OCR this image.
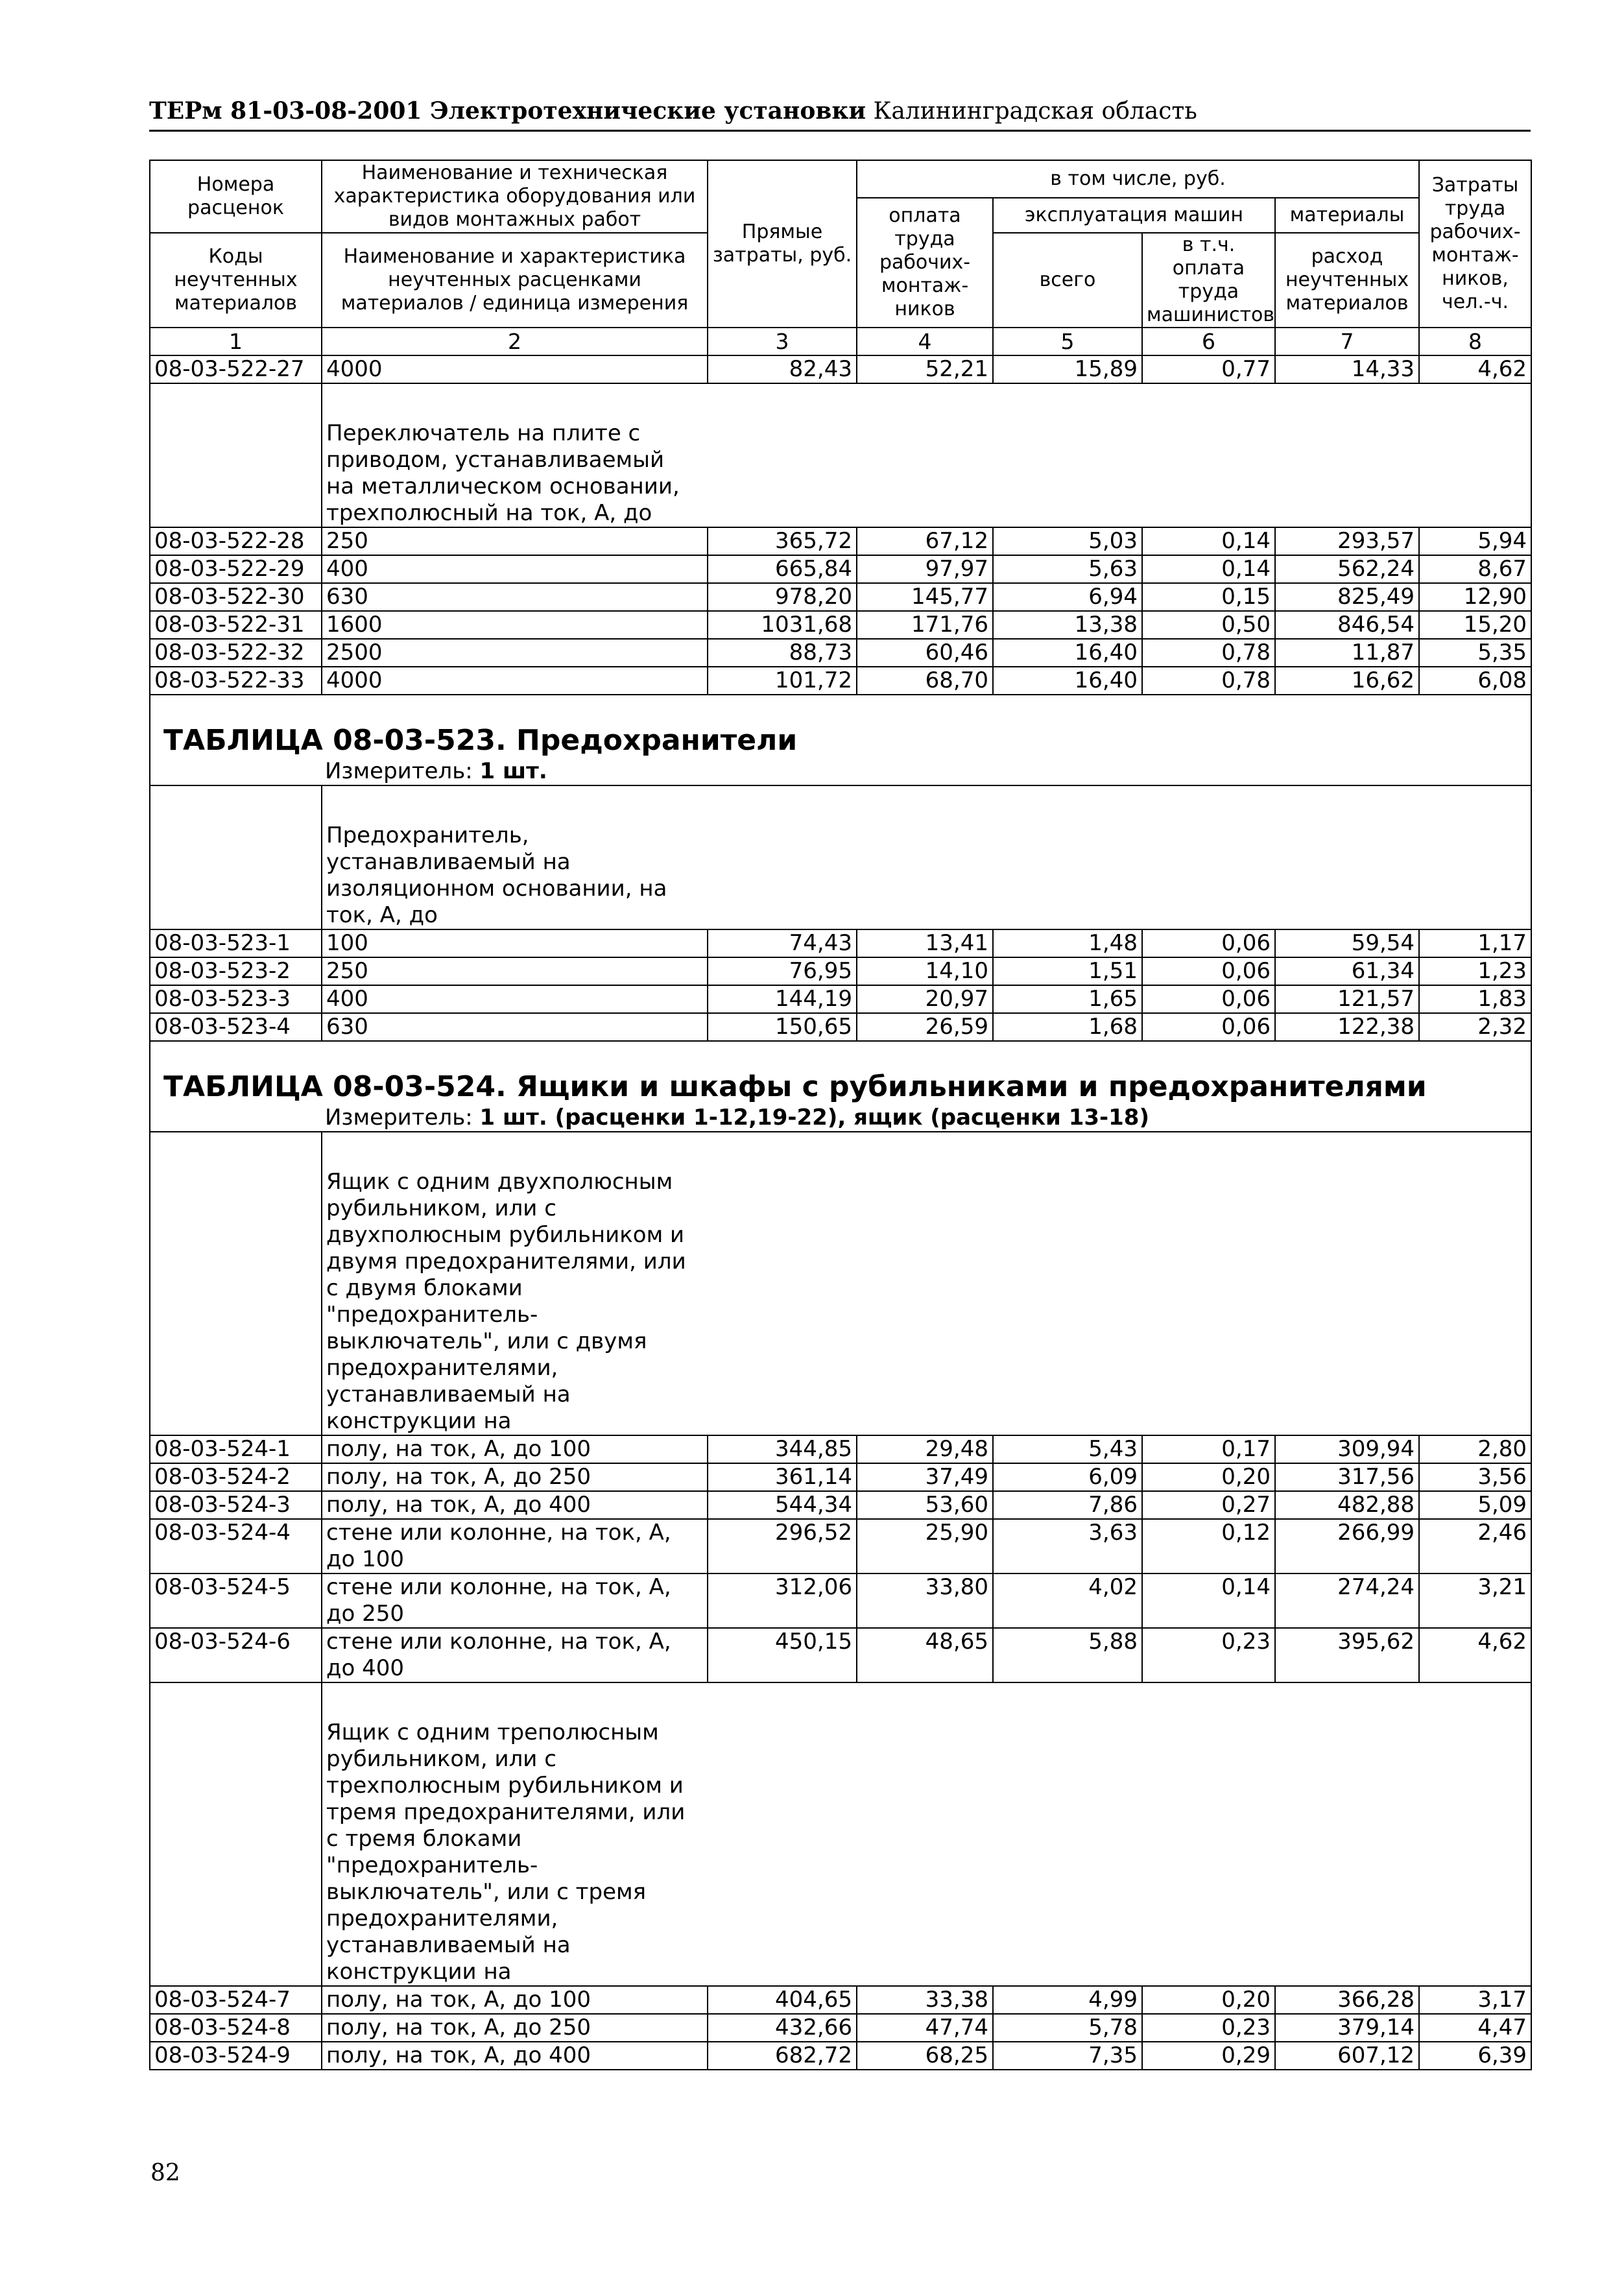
ТЕРм 81-03-08-2001 Электротехнические установки Калининградская область
Номера расценок	Наименование и техническая характеристика оборудования или видов монтажных работ	Прямые затраты, руб.	в том числе, руб.				Затраты труда рабочих-монтаж-ников, чел.-ч.
			оплата труда рабочих-монтаж-ников	эксплуатация машин		материалы	
Коды неучтенных материалов	Наименование и характеристика неучтенных расценками материалов / единица измерения			всего	в т.ч. оплата труда машинистов	расход неучтенных материалов	

1	2	3	4	5	6	7	8
08-03-522-27	4000	82,43	52,21	15,89	0,77	14,33	4,62

	Переключатель на плите с приводом, устанавливаемый на металлическом основании, трехполюсный на ток, А, до						

08-03-522-28	250	365,72	67,12	5,03	0,14	293,57	5,94
08-03-522-29	400	665,84	97,97	5,63	0,14	562,24	8,67
08-03-522-30	630	978,20	145,77	6,94	0,15	825,49	12,90
08-03-522-31	1600	1031,68	171,76	13,38	0,50	846,54	15,20
08-03-522-32	2500	88,73	60,46	16,40	0,78	11,87	5,35
08-03-522-33	4000	101,72	68,70	16,40	0,78	16,62	6,08

ТАБЛИЦА 08-03-523. Предохранители							

Измеритель: 1 шт.							

	Предохранитель, устанавливаемый на изоляционном основании, на ток, А, до						

08-03-523-1	100	74,43	13,41	1,48	0,06	59,54	1,17
08-03-523-2	250	76,95	14,10	1,51	0,06	61,34	1,23
08-03-523-3	400	144,19	20,97	1,65	0,06	121,57	1,83
08-03-523-4	630	150,65	26,59	1,68	0,06	122,38	2,32

ТАБЛИЦА 08-03-524. Ящики и шкафы с рубильниками и предохранителями							

Измеритель: 1 шт. (расценки 1-12,19-22), ящик (расценки 13-18)							

	Ящик с одним двухполюсным рубильником, или с двухполюсным рубильником и двумя предохранителями, или с двумя блоками "предохранитель-выключатель", или с двумя предохранителями, устанавливаемый на конструкции на						

08-03-524-1	полу, на ток, А, до 100	344,85	29,48	5,43	0,17	309,94	2,80
08-03-524-2	полу, на ток, А, до 250	361,14	37,49	6,09	0,20	317,56	3,56
08-03-524-3	полу, на ток, А, до 400	544,34	53,60	7,86	0,27	482,88	5,09
08-03-524-4	стене или колонне, на ток, А, до 100	296,52	25,90	3,63	0,12	266,99	2,46
08-03-524-5	стене или колонне, на ток, А, до 250	312,06	33,80	4,02	0,14	274,24	3,21
08-03-524-6	стене или колонне, на ток, А, до 400	450,15	48,65	5,88	0,23	395,62	4,62

	Ящик с одним треполюсным рубильником, или с трехполюсным рубильником и тремя предохранителями, или с тремя блоками "предохранитель-выключатель", или с тремя предохранителями, устанавливаемый на конструкции на						

08-03-524-7	полу, на ток, А, до 100	404,65	33,38	4,99	0,20	366,28	3,17
08-03-524-8	полу, на ток, А, до 250	432,66	47,74	5,78	0,23	379,14	4,47
08-03-524-9	полу, на ток, А, до 400	682,72	68,25	7,35	0,29	607,12	6,39
82
